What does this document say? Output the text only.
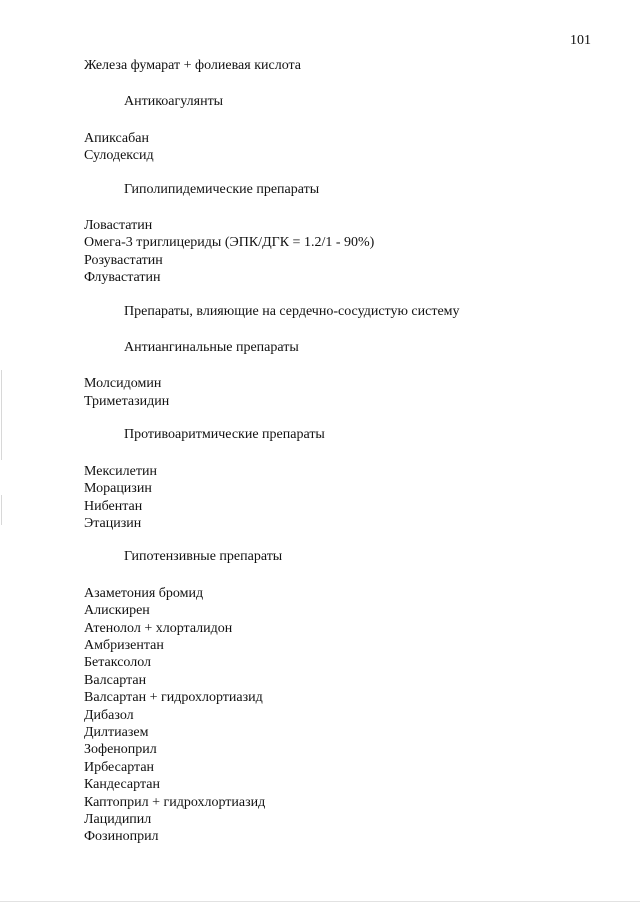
101
Железа фумарат + фолиевая кислота
Антикоагулянты
Апиксабан
Сулодексид
Гиполипидемические препараты
Ловастатин
Омега-3 триглицериды (ЭПК/ДГК = 1.2/1 - 90%)
Розувастатин
Флувастатин
Препараты, влияющие на сердечно-сосудистую систему
Антиангинальные препараты
Молсидомин
Триметазидин
Противоаритмические препараты
Мексилетин
Морацизин
Нибентан
Этацизин
Гипотензивные препараты
Азаметония бромид
Алискирен
Атенолол + хлорталидон
Амбризентан
Бетаксолол
Валсартан
Валсартан + гидрохлортиазид
Дибазол
Дилтиазем
Зофеноприл
Ирбесартан
Кандесартан
Каптоприл + гидрохлортиазид
Лацидипил
Фозиноприл
